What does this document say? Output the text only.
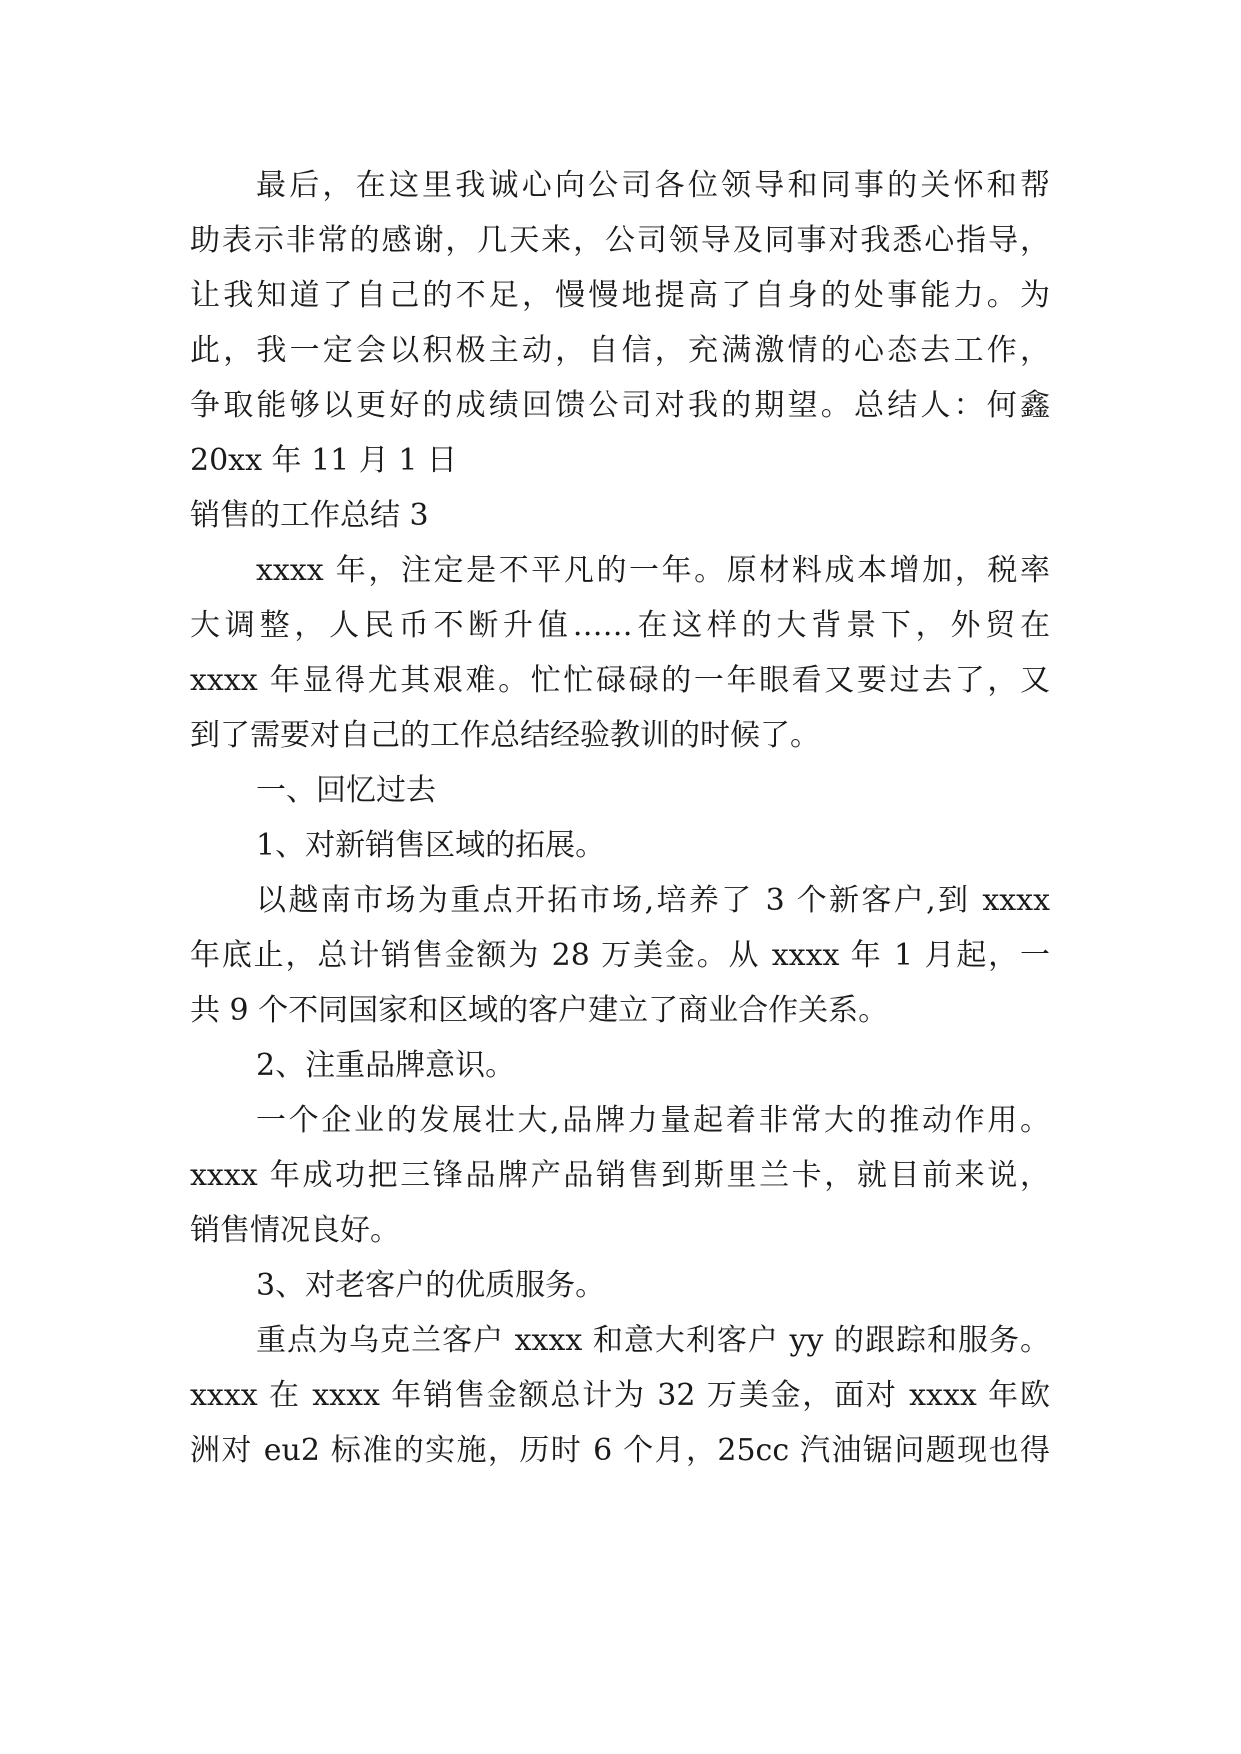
最后，在这里我诚心向公司各位领导和同事的关怀和帮
助表示非常的感谢，几天来，公司领导及同事对我悉心指导，
让我知道了自己的不足，慢慢地提高了自身的处事能力。为
此，我一定会以积极主动，自信，充满激情的心态去工作，
争取能够以更好的成绩回馈公司对我的期望。总结人：何鑫
20xx 年 11 月 1 日
销售的工作总结 3
xxxx 年，注定是不平凡的一年。原材料成本增加，税率
大调整，人民币不断升值……在这样的大背景下，外贸在
xxxx 年显得尤其艰难。忙忙碌碌的一年眼看又要过去了，又
到了需要对自己的工作总结经验教训的时候了。
一、回忆过去
1、对新销售区域的拓展。
以越南市场为重点开拓市场,培养了 3 个新客户,到 xxxx
年底止，总计销售金额为 28 万美金。从 xxxx 年 1 月起，一
共 9 个不同国家和区域的客户建立了商业合作关系。
2、注重品牌意识。
一个企业的发展壮大,品牌力量起着非常大的推动作用。
xxxx 年成功把三锋品牌产品销售到斯里兰卡，就目前来说，
销售情况良好。
3、对老客户的优质服务。
重点为乌克兰客户 xxxx 和意大利客户 yy 的跟踪和服务。
xxxx 在 xxxx 年销售金额总计为 32 万美金，面对 xxxx 年欧
洲对 eu2 标准的实施，历时 6 个月，25cc 汽油锯问题现也得
